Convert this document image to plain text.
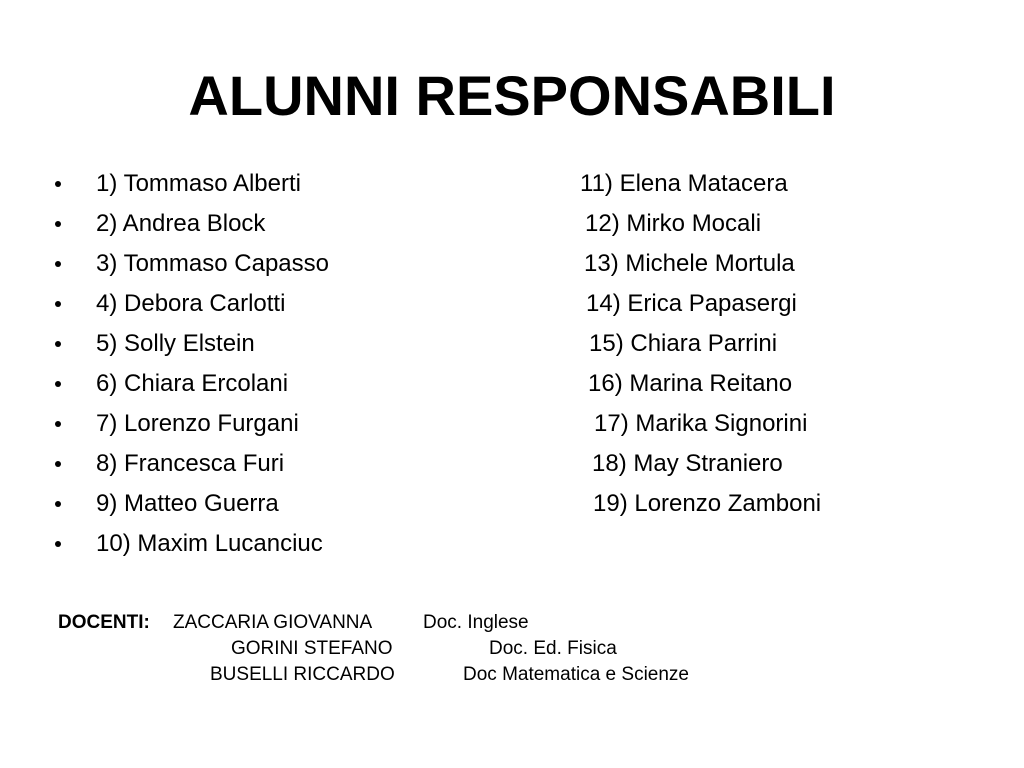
ALUNNI RESPONSABILI
1) Tommaso Alberti	11) Elena Matacera
2) Andrea Block	12) Mirko Mocali
3) Tommaso Capasso	13) Michele Mortula
4) Debora Carlotti	14) Erica Papasergi
5) Solly Elstein	15) Chiara Parrini
6) Chiara Ercolani	16) Marina Reitano
7) Lorenzo Furgani	17) Marika Signorini
8) Francesca Furi	18) May Straniero
9) Matteo Guerra	19) Lorenzo Zamboni
10) Maxim Lucanciuc
DOCENTI: ZACCARIA GIOVANNA	Doc. Inglese
GORINI STEFANO	Doc. Ed. Fisica
BUSELLI RICCARDO	Doc Matematica e Scienze
